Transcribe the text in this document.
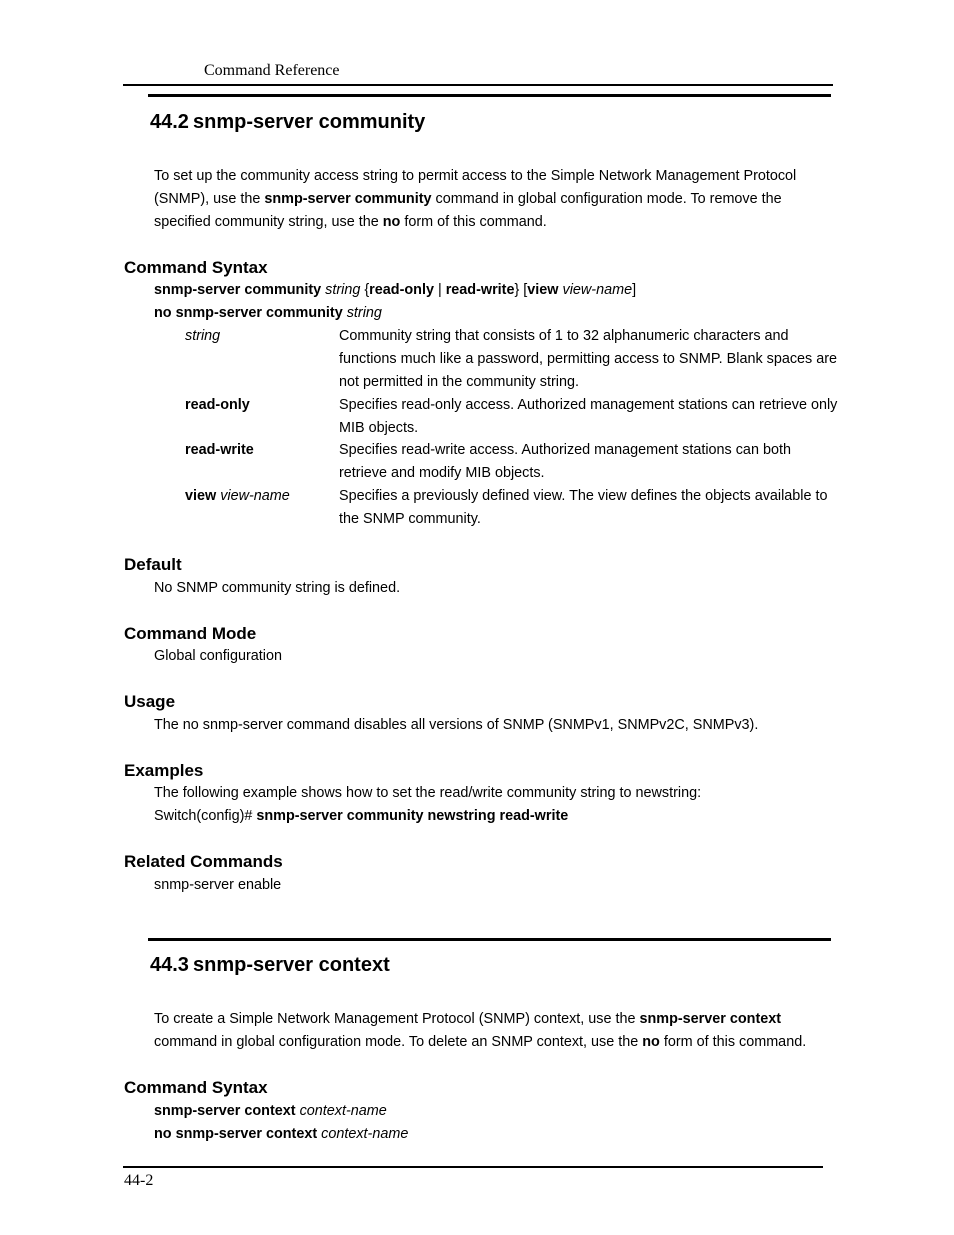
Command Reference
44.2 snmp-server community
To set up the community access string to permit access to the Simple Network Management Protocol
(SNMP), use the snmp-server community command in global configuration mode. To remove the
specified community string, use the no form of this command.
Command Syntax
snmp-server community string {read-only | read-write} [view view-name]
no snmp-server community string
string	Community string that consists of 1 to 32 alphanumeric characters and functions much like a password, permitting access to SNMP. Blank spaces are not permitted in the community string.
read-only	Specifies read-only access. Authorized management stations can retrieve only MIB objects.
read-write	Specifies read-write access. Authorized management stations can both retrieve and modify MIB objects.
view view-name	Specifies a previously defined view. The view defines the objects available to the SNMP community.
Default
No SNMP community string is defined.
Command Mode
Global configuration
Usage
The no snmp-server command disables all versions of SNMP (SNMPv1, SNMPv2C, SNMPv3).
Examples
The following example shows how to set the read/write community string to newstring:
Switch(config)# snmp-server community newstring read-write
Related Commands
snmp-server enable
44.3 snmp-server context
To create a Simple Network Management Protocol (SNMP) context, use the snmp-server context
command in global configuration mode. To delete an SNMP context, use the no form of this command.
Command Syntax
snmp-server context context-name
no snmp-server context context-name
44-2
